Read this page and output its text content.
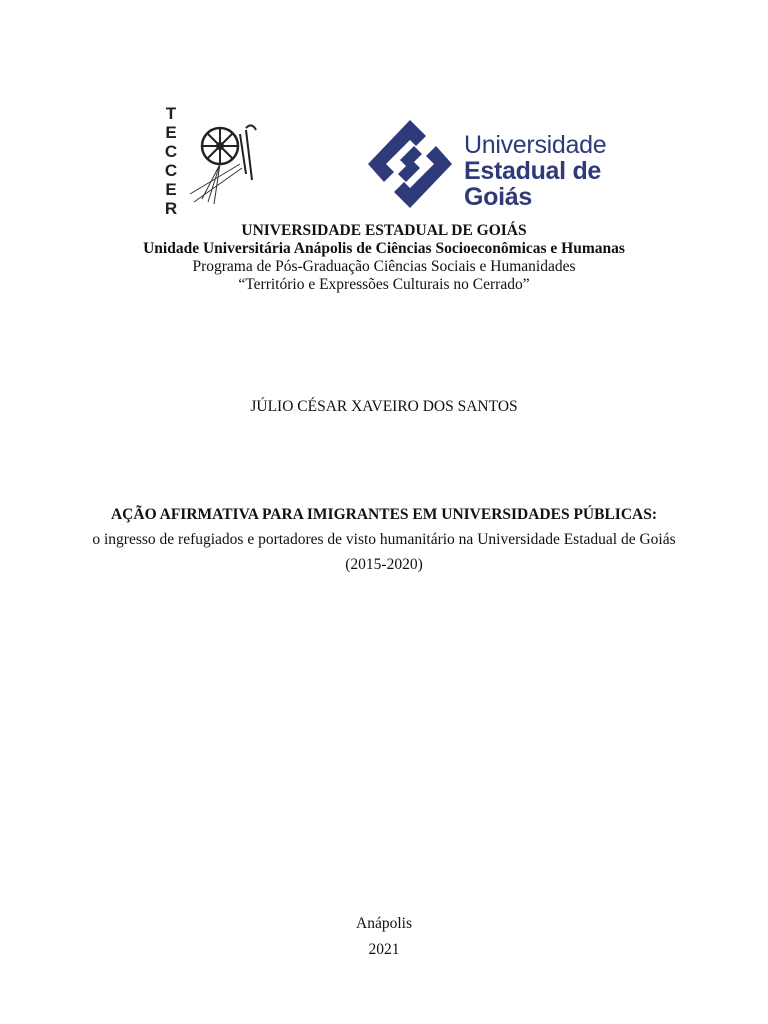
T
E
C
C
E
R
Universidade
Estadual de Goiás
UNIVERSIDADE ESTADUAL DE GOIÁS
Unidade Universitária Anápolis de Ciências Socioeconômicas e Humanas
Programa de Pós-Graduação Ciências Sociais e Humanidades
“Território e Expressões Culturais no Cerrado”
JÚLIO CÉSAR XAVEIRO DOS SANTOS
AÇÃO AFIRMATIVA PARA IMIGRANTES EM UNIVERSIDADES PÚBLICAS:
o ingresso de refugiados e portadores de visto humanitário na Universidade Estadual de Goiás
(2015-2020)
Anápolis
2021
